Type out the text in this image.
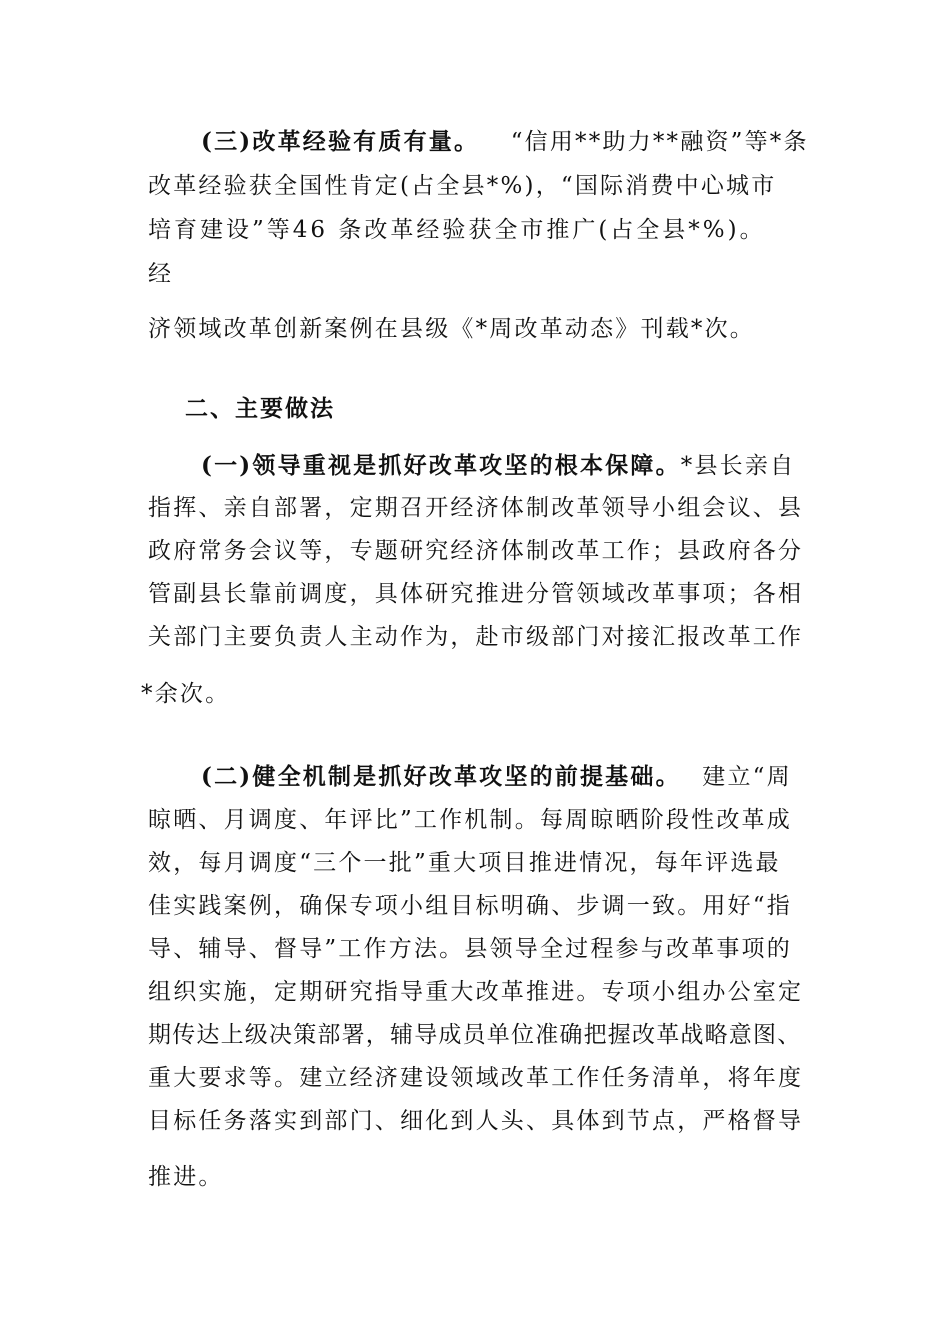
(三)改革经验有质有量。 “信用**助力**融资”等*条
改革经验获全国性肯定(占全县*%)，“国际消费中心城市
培育建设”等46 条改革经验获全市推广(占全县*%)。
经
济领域改革创新案例在县级《*周改革动态》刊载*次。
二、主要做法
(一)领导重视是抓好改革攻坚的根本保障。*县长亲自
指挥、亲自部署，定期召开经济体制改革领导小组会议、县
政府常务会议等，专题研究经济体制改革工作；县政府各分
管副县长靠前调度，具体研究推进分管领域改革事项；各相
关部门主要负责人主动作为，赴市级部门对接汇报改革工作
*余次。
(二)健全机制是抓好改革攻坚的前提基础。 建立“周
晾晒、月调度、年评比”工作机制。每周晾晒阶段性改革成
效，每月调度“三个一批”重大项目推进情况，每年评选最
佳实践案例，确保专项小组目标明确、步调一致。用好“指
导、辅导、督导”工作方法。县领导全过程参与改革事项的
组织实施，定期研究指导重大改革推进。专项小组办公室定
期传达上级决策部署，辅导成员单位准确把握改革战略意图、
重大要求等。建立经济建设领域改革工作任务清单，将年度
目标任务落实到部门、细化到人头、具体到节点，严格督导
推进。
